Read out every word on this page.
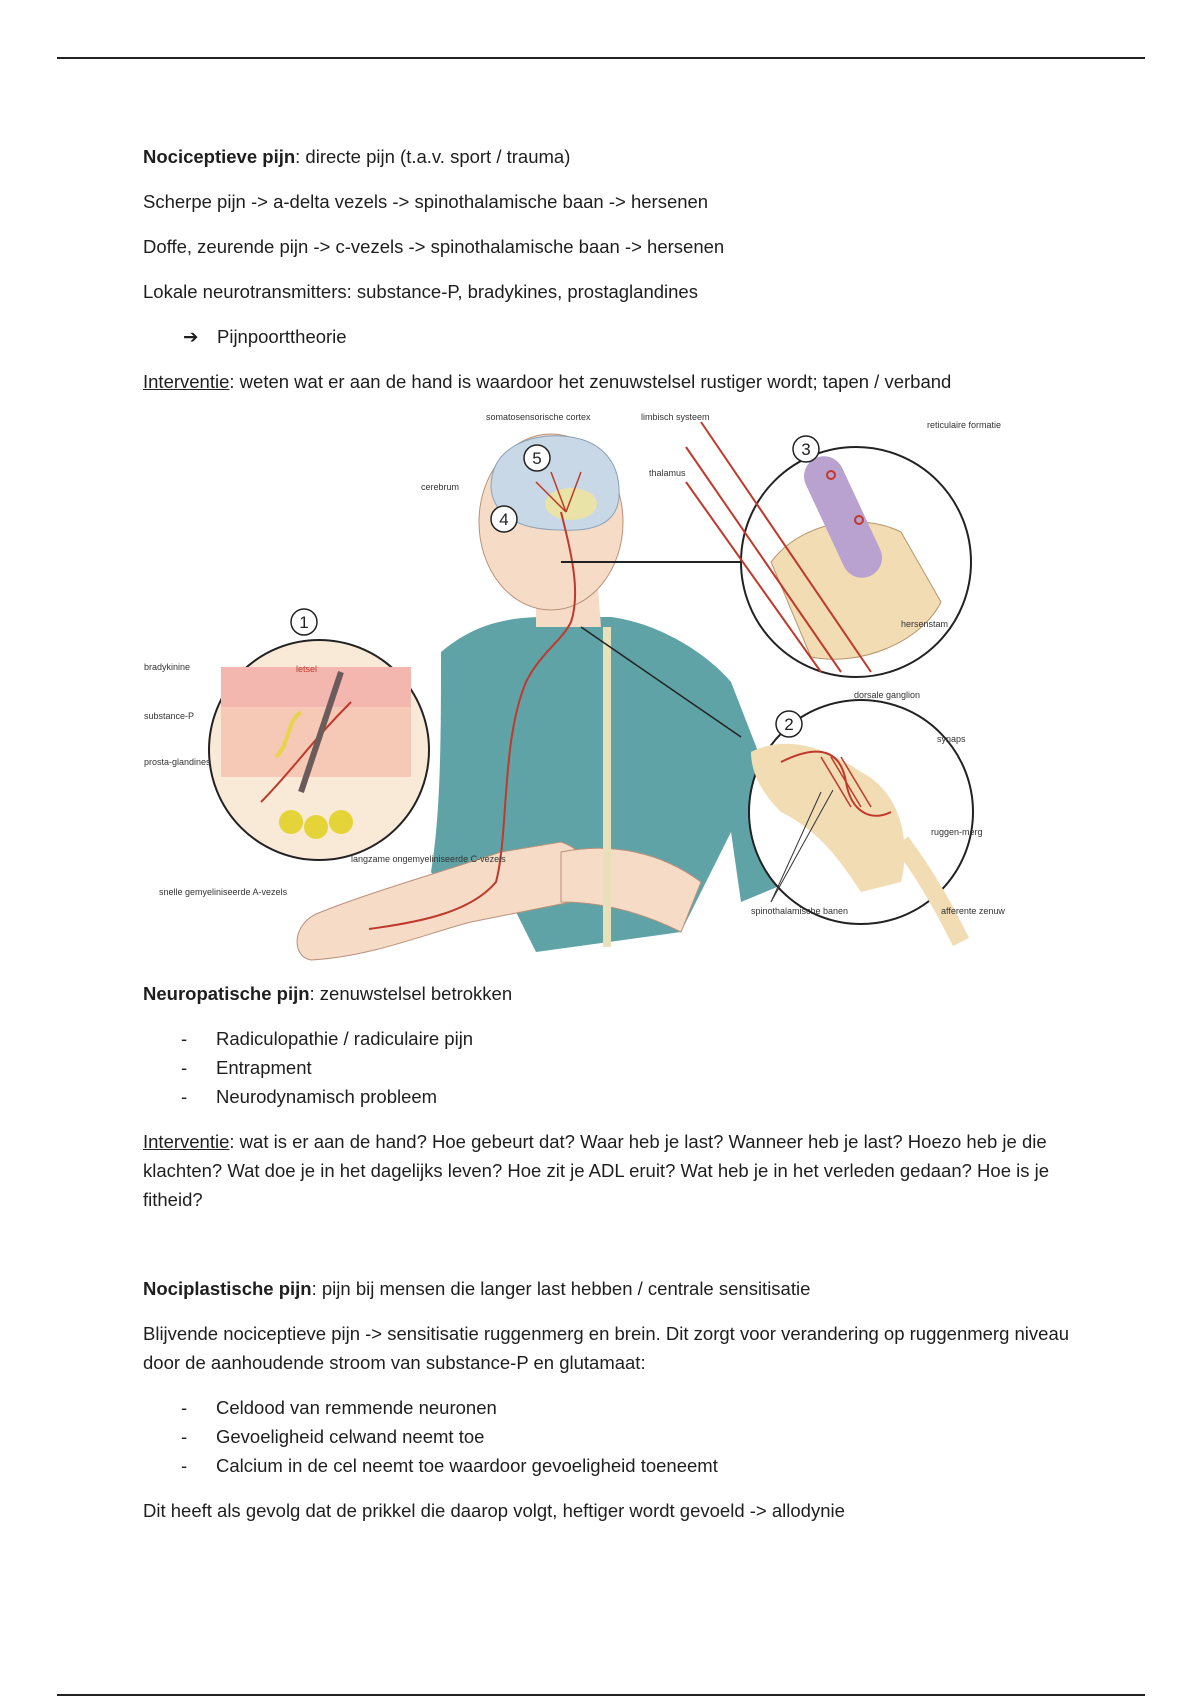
Nociceptieve pijn: directe pijn (t.a.v. sport / trauma)

Scherpe pijn -> a-delta vezels -> spinothalamische baan -> hersenen

Doffe, zeurende pijn -> c-vezels -> spinothalamische baan -> hersenen

Lokale neurotransmitters: substance-P, bradykines, prostaglandines

➔ Pijnpoorttheorie

Interventie: weten wat er aan de hand is waardoor het zenuwstelsel rustiger wordt; tapen / verband

1
2
3
4
5
somatosensorische cortex	limbisch systeem
thalamus
cerebrum
reticulaire formatie
hersenstam
dorsale ganglion
synaps
ruggen-merg
spinothalamische banen	afferente zenuw
letsel
bradykinine
substance-P
prosta-glandines
langzame ongemyeliniseerde C-vezels
snelle gemyeliniseerde A-vezels

Neuropatische pijn: zenuwstelsel betrokken

- Radiculopathie / radiculaire pijn
- Entrapment
- Neurodynamisch probleem

Interventie: wat is er aan de hand? Hoe gebeurt dat? Waar heb je last? Wanneer heb je last? Hoezo heb je die klachten? Wat doe je in het dagelijks leven? Hoe zit je ADL eruit? Wat heb je in het verleden gedaan? Hoe is je fitheid?

Nociplastische pijn: pijn bij mensen die langer last hebben / centrale sensitisatie

Blijvende nociceptieve pijn -> sensitisatie ruggenmerg en brein. Dit zorgt voor verandering op ruggenmerg niveau door de aanhoudende stroom van substance-P en glutamaat:

- Celdood van remmende neuronen
- Gevoeligheid celwand neemt toe
- Calcium in de cel neemt toe waardoor gevoeligheid toeneemt

Dit heeft als gevolg dat de prikkel die daarop volgt, heftiger wordt gevoeld -> allodynie
